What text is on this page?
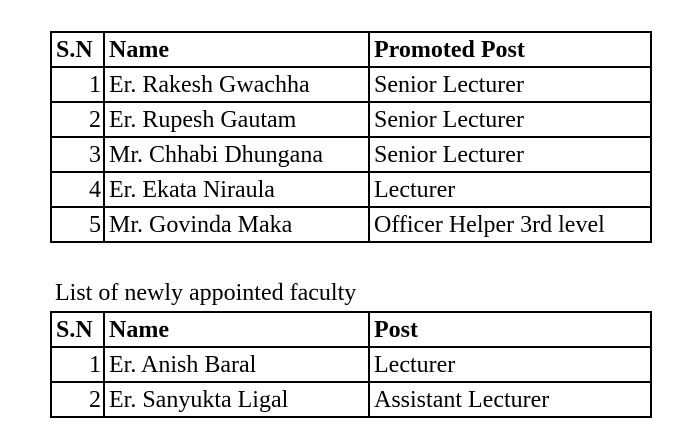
S.N	Name	Promoted Post
1	Er. Rakesh Gwachha	Senior Lecturer
2	Er. Rupesh Gautam	Senior Lecturer
3	Mr. Chhabi Dhungana	Senior Lecturer
4	Er. Ekata Niraula	Lecturer
5	Mr. Govinda Maka	Officer Helper 3rd level
List of newly appointed faculty
S.N	Name	Post
1	Er. Anish Baral	Lecturer
2	Er. Sanyukta Ligal	Assistant Lecturer
